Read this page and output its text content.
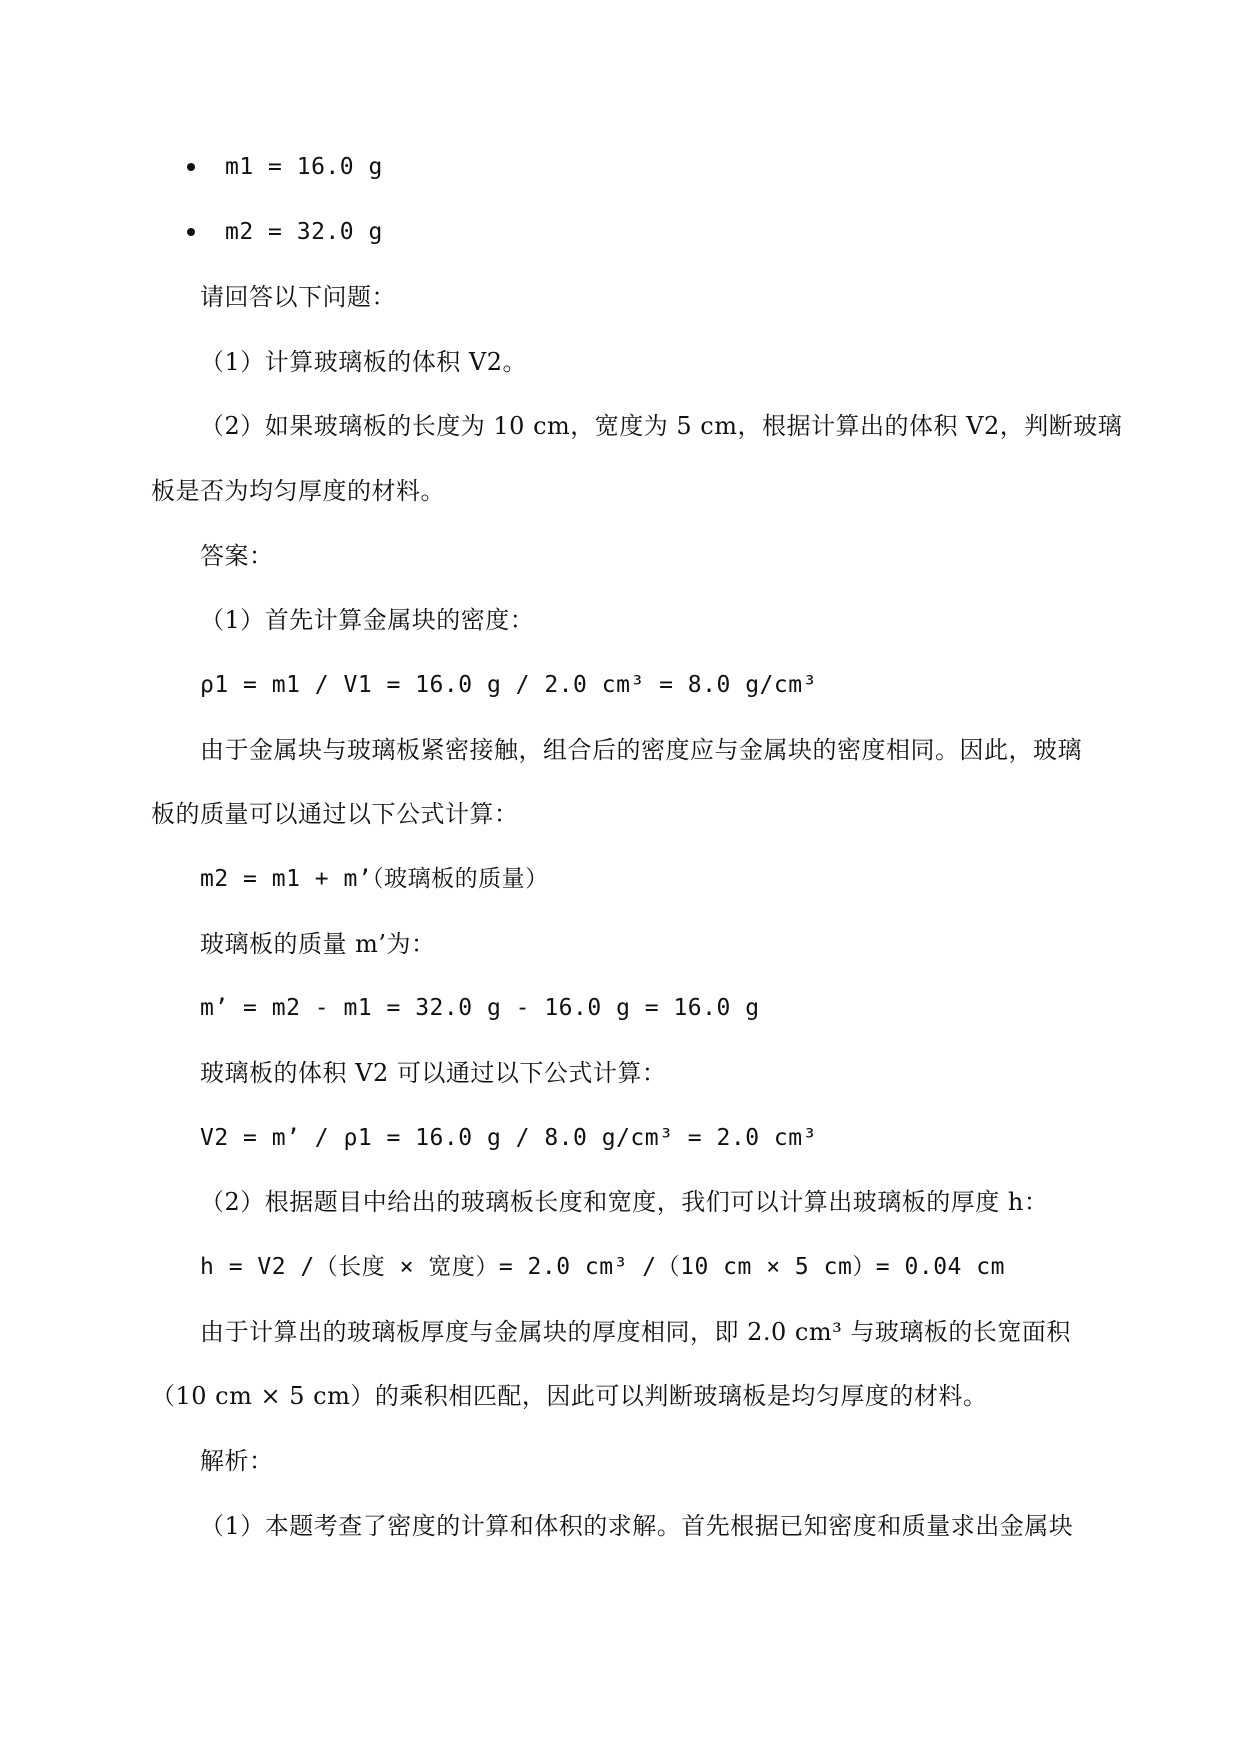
m1 = 16.0 g
m2 = 32.0 g
请回答以下问题：
（1）计算玻璃板的体积 V2。
（2）如果玻璃板的长度为 10 cm，宽度为 5 cm，根据计算出的体积 V2，判断玻璃
板是否为均匀厚度的材料。
答案：
（1）首先计算金属块的密度：
ρ1 = m1 / V1 = 16.0 g / 2.0 cm³ = 8.0 g/cm³
由于金属块与玻璃板紧密接触，组合后的密度应与金属块的密度相同。因此，玻璃
板的质量可以通过以下公式计算：
m2 = m1 + m’（玻璃板的质量）
玻璃板的质量 m’为：
m’ = m2 - m1 = 32.0 g - 16.0 g = 16.0 g
玻璃板的体积 V2 可以通过以下公式计算：
V2 = m’ / ρ1 = 16.0 g / 8.0 g/cm³ = 2.0 cm³
（2）根据题目中给出的玻璃板长度和宽度，我们可以计算出玻璃板的厚度 h：
h = V2 /（长度 × 宽度）= 2.0 cm³ /（10 cm × 5 cm）= 0.04 cm
由于计算出的玻璃板厚度与金属块的厚度相同，即 2.0 cm³ 与玻璃板的长宽面积
（10 cm × 5 cm）的乘积相匹配，因此可以判断玻璃板是均匀厚度的材料。
解析：
（1）本题考查了密度的计算和体积的求解。首先根据已知密度和质量求出金属块
